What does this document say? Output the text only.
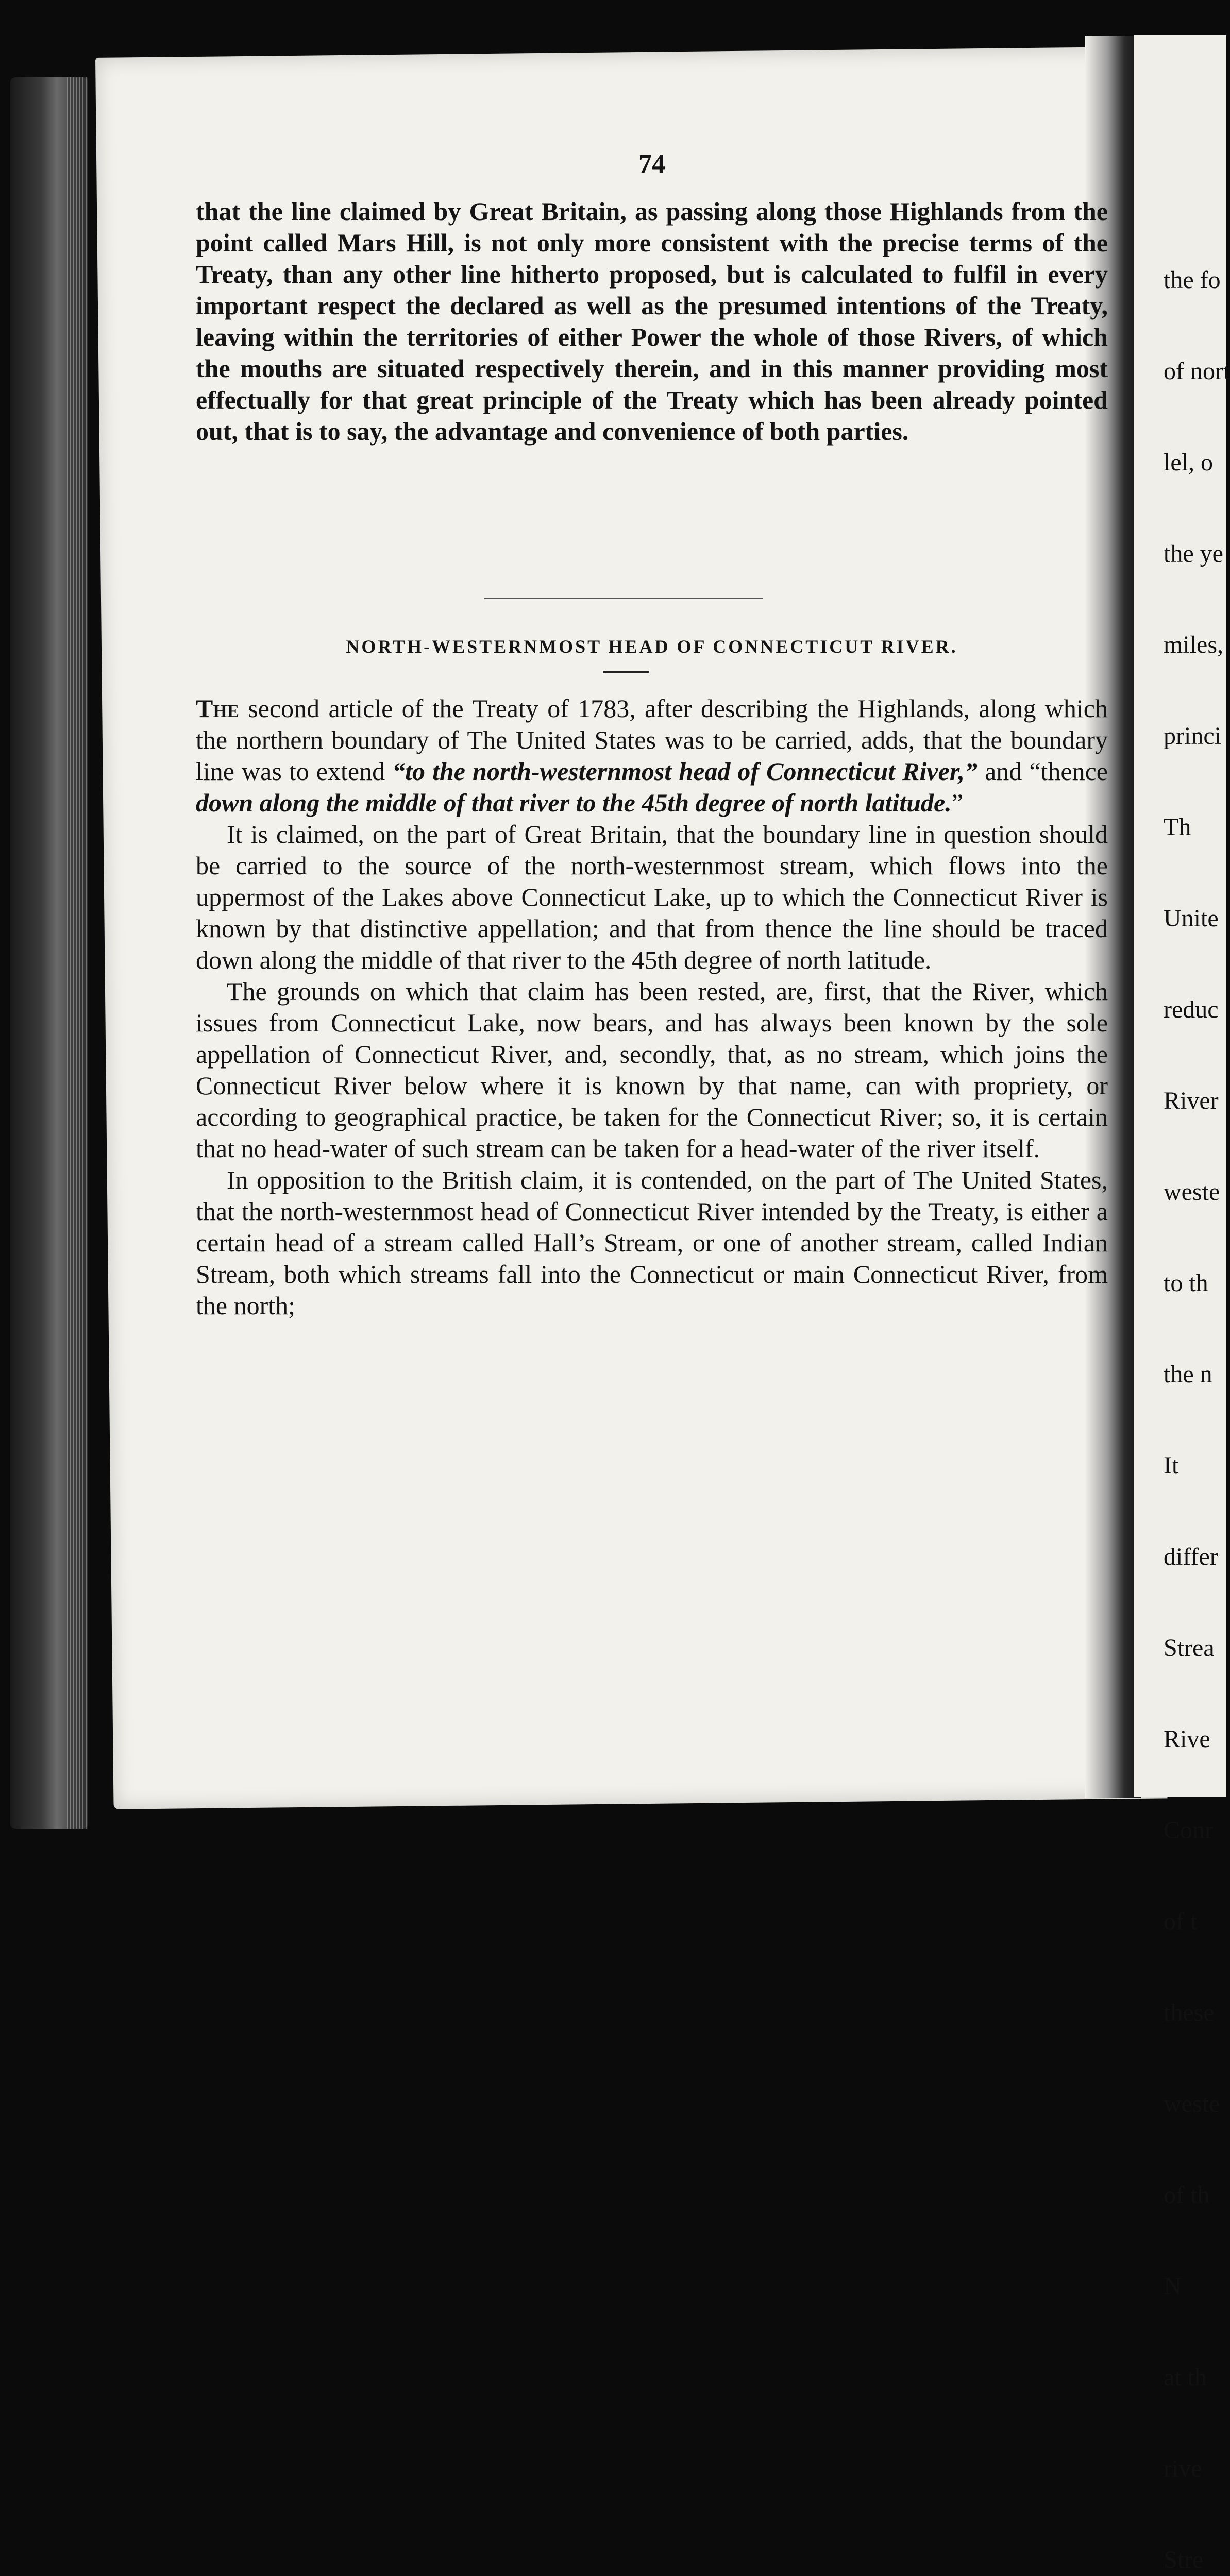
the fo

of nort

lel, o

the ye

miles,

princi

Th

Unite

reduc

River

weste

to th

the n

It

differ

Strea

Rive

Conr

of t

these

weste

of th

N

at th

rive

Stre

74

that the line claimed by Great Britain, as passing along those Highlands from the point called Mars Hill, is not only more consistent with the precise terms of the Treaty, than any other line hitherto proposed, but is calculated to fulfil in every important respect the declared as well as the presumed intentions of the Treaty, leaving within the territories of either Power the whole of those Rivers, of which the mouths are situated respectively therein, and in this manner providing most effectually for that great principle of the Treaty which has been already pointed out, that is to say, the advantage and convenience of both parties.

NORTH-WESTERNMOST HEAD OF CONNECTICUT RIVER.

The second article of the Treaty of 1783, after describing the Highlands, along which the northern boundary of The United States was to be carried, adds, that the boundary line was to extend “to the north-westernmost head of Connecticut River,” and “thence down along the middle of that river to the 45th degree of north latitude.”

It is claimed, on the part of Great Britain, that the boundary line in question should be carried to the source of the north-westernmost stream, which flows into the uppermost of the Lakes above Connecticut Lake, up to which the Connecticut River is known by that distinctive appellation; and that from thence the line should be traced down along the middle of that river to the 45th degree of north latitude.

The grounds on which that claim has been rested, are, first, that the River, which issues from Connecticut Lake, now bears, and has always been known by the sole appellation of Connecticut River, and, secondly, that, as no stream, which joins the Connecticut River below where it is known by that name, can with propriety, or according to geographical practice, be taken for the Connecticut River; so, it is certain that no head-water of such stream can be taken for a head-water of the river itself.

In opposition to the British claim, it is contended, on the part of The United States, that the north-westernmost head of Connecticut River intended by the Treaty, is either a certain head of a stream called Hall’s Stream, or one of another stream, called Indian Stream, both which streams fall into the Connecticut or main Connecticut River, from the north;
